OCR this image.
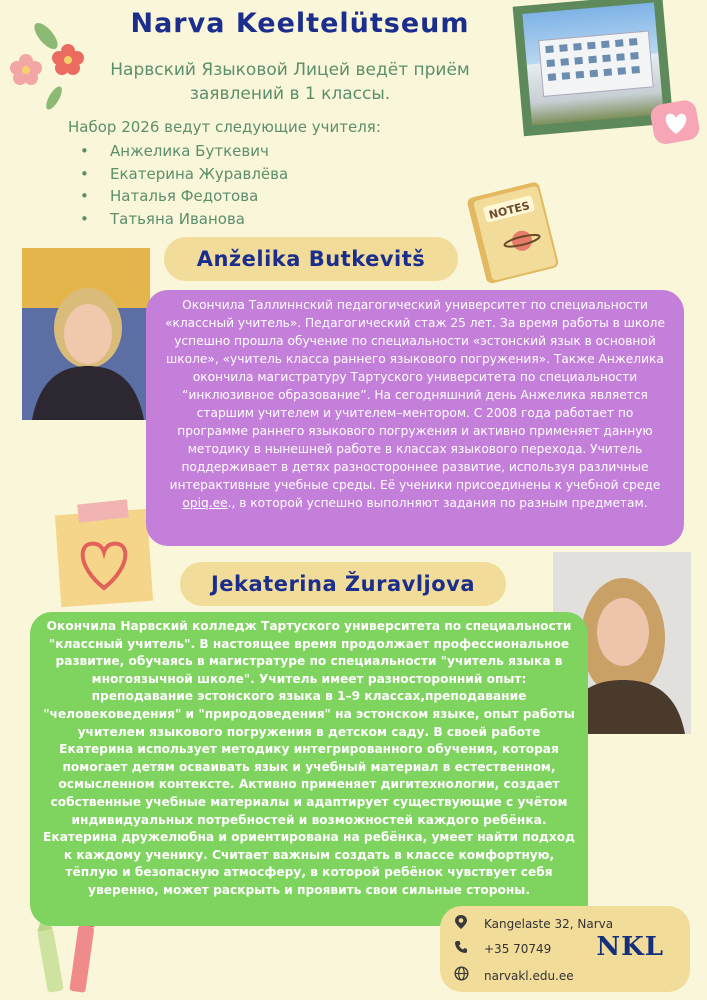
Narva Keeltelütseum
Нарвский Языковой Лицей ведёт приём заявлений в 1 классы.
Набор 2026 ведут следующие учителя:
• Анжелика Буткевич
• Екатерина Журавлёва
• Наталья Федотова
• Татьяна Иванова	NOTES
Anželika Butkevitš
Окончила Таллиннский педагогический университет по специальности «классный учитель». Педагогический стаж 25 лет. За время работы в школе успешно прошла обучение по специальности «эстонский язык в основной школе», «учитель класса раннего языкового погружения». Также Анжелика окончила магистратуру Тартуского университета по специальности “инклюзивное образование”. На сегодняшний день Анжелика является старшим учителем и учителем–ментором. С 2008 года работает по программе раннего языкового погружения и активно применяет данную методику в нынешней работе в классах языкового перехода. Учитель поддерживает в детях разностороннее развитие, используя различные интерактивные учебные среды. Её ученики присоединены к учебной среде opiq.ee., в которой успешно выполняют задания по разным предметам.
Jekaterina Žuravljova
Окончила Нарвский колледж Тартуского университета по специальности "классный учитель". В настоящее время продолжает профессиональное развитие, обучаясь в магистратуре по специальности "учитель языка в многоязычной школе". Учитель имеет разносторонний опыт: преподавание эстонского языка в 1–9 классах,преподавание "человековедения" и "природоведения" на эстонском языке, опыт работы учителем языкового погружения в детском саду. В своей работе Екатерина использует методику интегрированного обучения, которая помогает детям осваивать язык и учебный материал в естественном, осмысленном контексте. Активно применяет дигитехнологии, создает собственные учебные материалы и адаптирует существующие с учётом индивидуальных потребностей и возможностей каждого ребёнка.
Екатерина дружелюбна и ориентирована на ребёнка, умеет найти подход к каждому ученику. Считает важным создать в классе комфортную, тёплую и безопасную атмосферу, в которой ребёнок чувствует себя уверенно, может раскрыть и проявить свои сильные стороны.
Kangelaste 32, Narva
+35 70749
narvakl.edu.ee
NKL
